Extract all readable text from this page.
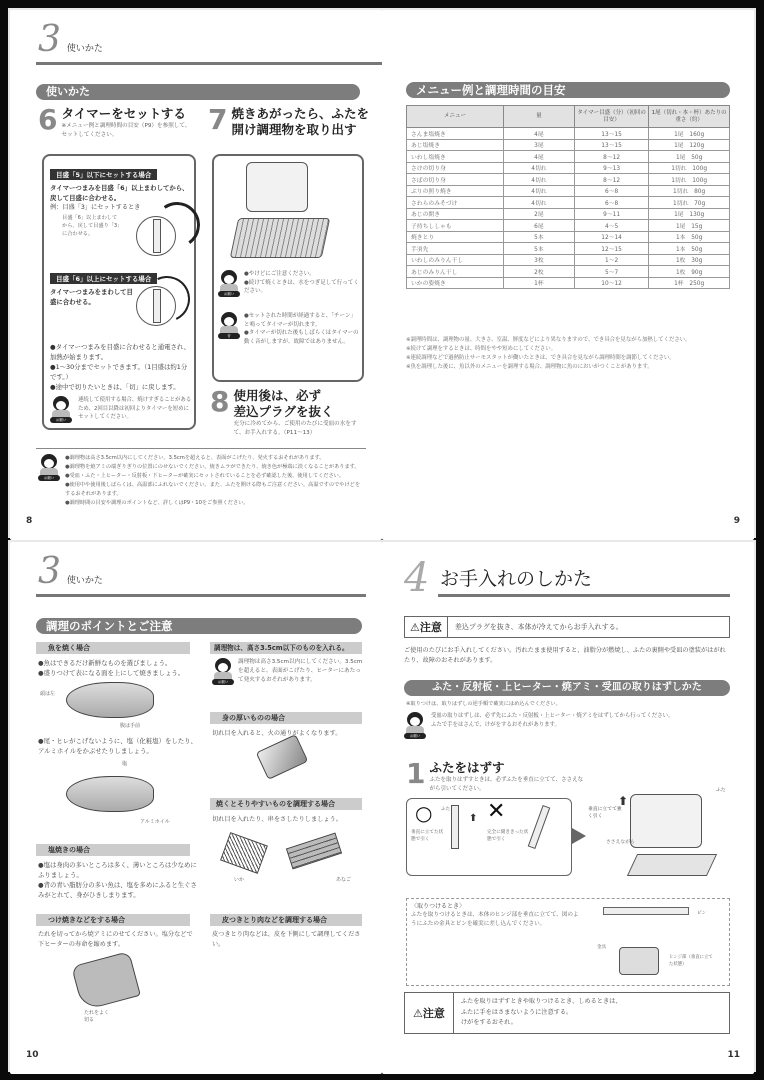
3 使いかた
使いかた
6 タイマーをセットする
※メニュー例と調理時間の目安（P9）を参照して、セットしてください。
目盛「5」以下にセットする場合
タイマーつまみを目盛「6」以上まわしてから、戻して目盛に合わせる。
例：目盛「3」にセットするとき
目盛「6」以上まわしてから、戻して目盛り「3」に合わせる。
目盛「6」以上にセットする場合
タイマーつまみをまわして目盛に合わせる。
●タイマーつまみを目盛に合わせると通電され、加熱が始まります。
●1～30分までセットできます。（1目盛は約1分です。）
●途中で切りたいときは、「切」に戻します。
お願い
連続して使用する場合、焼けすぎることがあるため、2回目以降は初回よりタイマーを短めにセットしてください。
7 焼きあがったら、ふたを
開け調理物を取り出す
お願い
●やけどにご注意ください。
●続けて焼くときは、水をつぎ足して行ってください。
音
●セットされた時間が経過すると、「チーン」と鳴ってタイマーが切れます。
●タイマーが切れた後もしばらくはタイマーの動く音がしますが、故障ではありません。
8 使用後は、必ず
差込プラグを抜く
充分に冷めてから、ご使用のたびに受皿の水をすて、お手入れする。（P11～13）
お願い
●調理物は高さ3.5cm以内にしてください。3.5cmを超えると、表面がこげたり、発火するおそれがあります。
●調理物を焼アミの端ぎりぎりの位置にのせないでください。焼きムラができたり、焼き色が極端に淡くなることがあります。
●受皿・ふた・上ヒーター・反射板・下ヒーターが確実にセットされていることを必ず確認した後、使用してください。
●使用中や使用後しばらくは、高温部にふれないでください。また、ふたを開ける際もご注意ください。高温ですのでやけどをするおそれがあります。
●調理時間の目安や調理のポイントなど、詳しくはP9・10をご参照ください。
8
メニュー例と調理時間の目安
メニュー	量	タイマー目盛（分）（初回の目安）	1尾（切れ・本・杯）あたりの重さ（約）
さんま塩焼き	4尾	13～15	1尾　160g
あじ塩焼き	3尾	13～15	1尾　120g
いわし塩焼き	4尾	8～12	1尾　50g
さけの切り身	4切れ	9～13	1切れ　100g
さばの切り身	4切れ	8～12	1切れ　100g
ぶりの照り焼き	4切れ	6～8	1切れ　80g
さわらのみそづけ	4切れ	6～8	1切れ　70g
あじの開き	2尾	9～11	1尾　130g
子持ちししゃも	6尾	4～5	1尾　15g
焼きとり	5本	12～14	1本　50g
手羽先	5本	12～15	1本　50g
いわしのみりん干し	3枚	1～2	1枚　30g
あじのみりん干し	2枚	5～7	1枚　90g
いかの姿焼き	1杯	10～12	1杯　250g
※調理時間は、調理物の量、大きさ、室温、鮮度などにより異なりますので、でき具合を見ながら加熱してください。
※続けて調理をするときは、時間をやや短めにしてください。
※連続調理などで過熱防止サーモスタットが働いたときは、でき具合を見ながら調理時間を調節してください。
※魚を調理した後に、魚以外のメニューを調理する場合、調理物に魚のにおいがつくことがあります。
9
3 使いかた
調理のポイントとご注意
魚を焼く場合
●魚はできるだけ新鮮なものを選びましょう。
●盛りつけて表になる面を上にして焼きましょう。
頭は左
腹は手前
●尾・ヒレがこげないように、塩（化粧塩）をしたり、アルミホイルをかぶせたりしましょう。
塩
アルミホイル
塩焼きの場合
●塩は身肉の多いところは多く、薄いところは少なめにふりましょう。
●背の青い脂肪分の多い魚は、塩を多めにふると生ぐさみがとれて、身がひきしまります。
つけ焼きなどをする場合
たれを切ってから焼アミにのせてください。塩分などで下ヒーターの寿命を縮めます。
たれをよく切る
調理物は、高さ3.5cm以下のものを入れる。
お願い
調理物は高さ3.5cm以内にしてください。3.5cmを超えると、表面がこげたり、ヒーターにあたって発火するおそれがあります。
身の厚いものの場合
切れ目を入れると、火の通りがよくなります。
焼くとそりやすいものを調理する場合
切れ目を入れたり、串をさしたりしましょう。
いか	あなご
皮つきとり肉などを調理する場合
皮つきとり肉などは、皮を下側にして調理してください。
10
4 お手入れのしかた
⚠注意	差込プラグを抜き、本体が冷えてからお手入れする。
ご使用のたびにお手入れしてください。汚れたまま使用すると、油脂分が燃焼し、ふたの裏側や受皿の塗装がはがれたり、故障のおそれがあります。
ふた・反射板・上ヒーター・焼アミ・受皿の取りはずしかた
※取りつけは、取りはずしの逆手順で確実にはめ込んでください。
お願い
受皿の取りはずしは、必ず先にふた・反射板・上ヒーター・焼アミをはずしてから行ってください。
ふたで手をはさんで、けがをするおそれがあります。
1 ふたをはずす
ふたを取りはずすときは、必ずふたを垂直に立てて、ささえながら引いてください。
○ ふた
垂直に立てた状態で引く
⬆ ✕
完全に開ききった状態で引く
⬆
垂直に立てて強く引く
ささえながら
ふた
〈取りつけるとき〉
ふたを取りつけるときは、本体のヒンジ部を垂直に立てて、図のようにふたの金具とピンを確実に差し込んでください。
ピン
金具
ヒンジ部（垂直に立てた状態）
⚠注意
ふたを取りはずすときや取りつけるとき、しめるときは、
ふたに手をはさまないように注意する。
けがをするおそれ。
11
